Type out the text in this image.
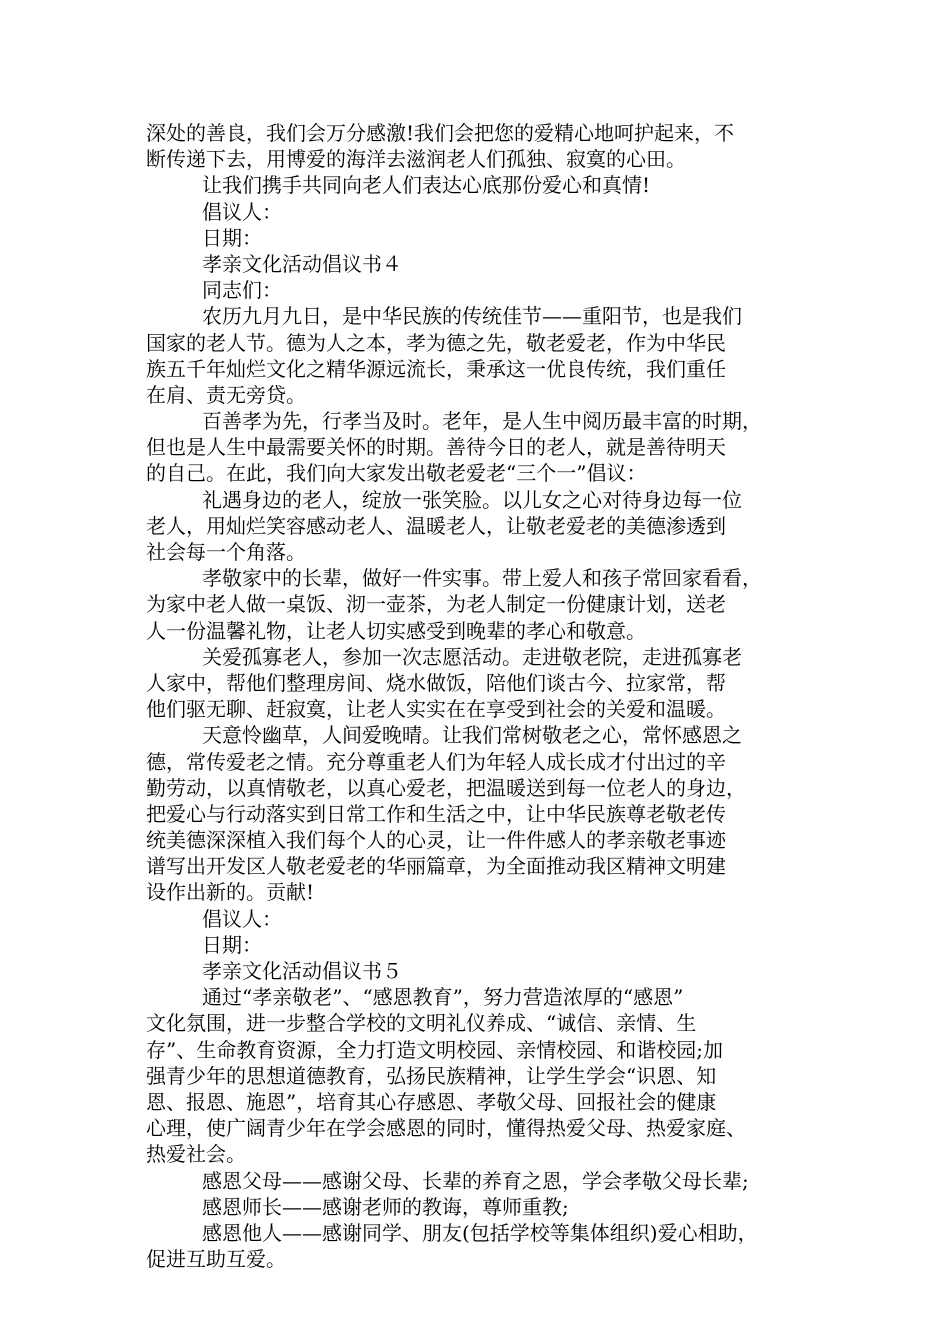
深处的善良，我们会万分感激!我们会把您的爱精心地呵护起来，不
断传递下去，用博爱的海洋去滋润老人们孤独、寂寞的心田。
让我们携手共同向老人们表达心底那份爱心和真情!
倡议人：
日期：
孝亲文化活动倡议书４
同志们：
农历九月九日，是中华民族的传统佳节——重阳节，也是我们
国家的老人节。德为人之本，孝为德之先，敬老爱老，作为中华民
族五千年灿烂文化之精华源远流长，秉承这一优良传统，我们重任
在肩、责无旁贷。
百善孝为先，行孝当及时。老年，是人生中阅历最丰富的时期，
但也是人生中最需要关怀的时期。善待今日的老人，就是善待明天
的自己。在此，我们向大家发出敬老爱老“三个一”倡议：
礼遇身边的老人，绽放一张笑脸。以儿女之心对待身边每一位
老人，用灿烂笑容感动老人、温暖老人，让敬老爱老的美德渗透到
社会每一个角落。
孝敬家中的长辈，做好一件实事。带上爱人和孩子常回家看看，
为家中老人做一桌饭、沏一壶茶，为老人制定一份健康计划，送老
人一份温馨礼物，让老人切实感受到晚辈的孝心和敬意。
关爱孤寡老人，参加一次志愿活动。走进敬老院，走进孤寡老
人家中，帮他们整理房间、烧水做饭，陪他们谈古今、拉家常，帮
他们驱无聊、赶寂寞，让老人实实在在享受到社会的关爱和温暖。
天意怜幽草，人间爱晚晴。让我们常树敬老之心，常怀感恩之
德，常传爱老之情。充分尊重老人们为年轻人成长成才付出过的辛
勤劳动，以真情敬老，以真心爱老，把温暖送到每一位老人的身边，
把爱心与行动落实到日常工作和生活之中，让中华民族尊老敬老传
统美德深深植入我们每个人的心灵，让一件件感人的孝亲敬老事迹
谱写出开发区人敬老爱老的华丽篇章，为全面推动我区精神文明建
设作出新的。贡献!
倡议人：
日期：
孝亲文化活动倡议书５
通过“孝亲敬老”、“感恩教育”，努力营造浓厚的“感恩”
文化氛围，进一步整合学校的文明礼仪养成、“诚信、亲情、生
存”、生命教育资源，全力打造文明校园、亲情校园、和谐校园;加
强青少年的思想道德教育，弘扬民族精神，让学生学会“识恩、知
恩、报恩、施恩”，培育其心存感恩、孝敬父母、回报社会的健康
心理，使广阔青少年在学会感恩的同时，懂得热爱父母、热爱家庭、
热爱社会。
感恩父母——感谢父母、长辈的养育之恩，学会孝敬父母长辈;
感恩师长——感谢老师的教诲，尊师重教;
感恩他人——感谢同学、朋友(包括学校等集体组织)爱心相助，
促进互助互爱。
